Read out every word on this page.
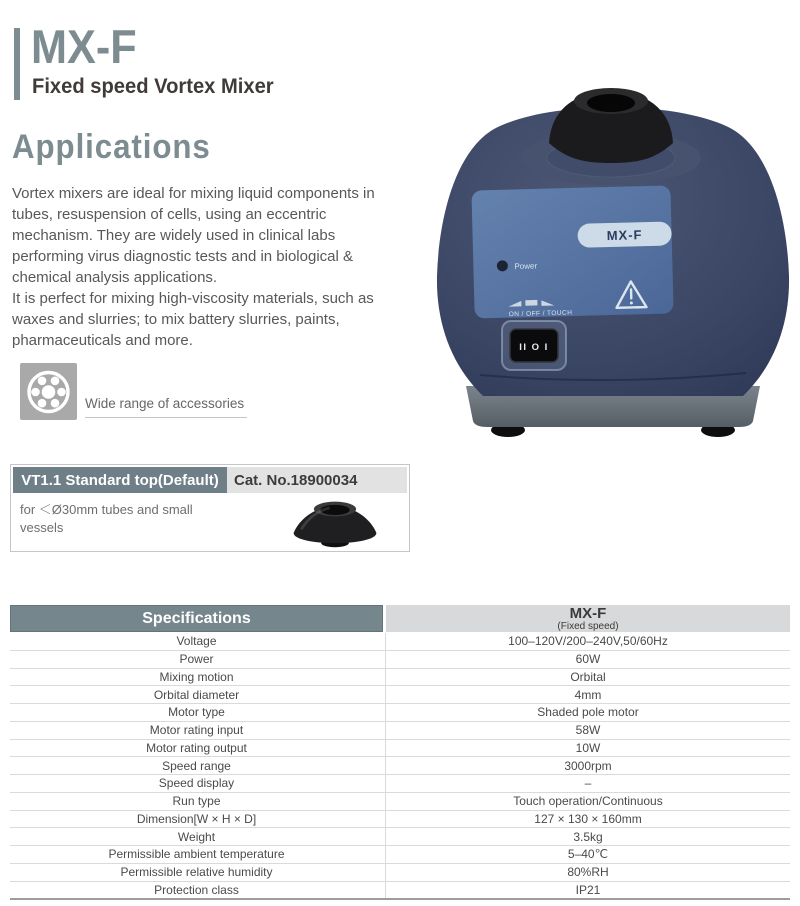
MX-F
Fixed speed Vortex Mixer
Applications

Vortex mixers are ideal for mixing liquid components in tubes, resuspension of cells, using an eccentric mechanism. They are widely used in clinical labs performing virus diagnostic tests and in biological & chemical analysis applications.

It is perfect for mixing high-viscosity materials, such as waxes and slurries; to mix battery slurries, paints, pharmaceuticals and more.

Wide range of accessories
VT1.1 Standard top(Default)	Cat. No.18900034
for ＜Ø30mm tubes and small vessels
MX-F
Power
ON / OFF / TOUCH
II O I
Specifications	MX-F
(Fixed speed)
Voltage	100–120V/200–240V,50/60Hz
Power	60W
Mixing motion	Orbital
Orbital diameter	4mm
Motor type	Shaded pole motor
Motor rating input	58W
Motor rating output	10W
Speed range	3000rpm
Speed display	–
Run type	Touch operation/Continuous
Dimension[W × H × D]	127 × 130 × 160mm
Weight	3.5kg
Permissible ambient temperature	5–40℃
Permissible relative humidity	80%RH
Protection class	IP21
